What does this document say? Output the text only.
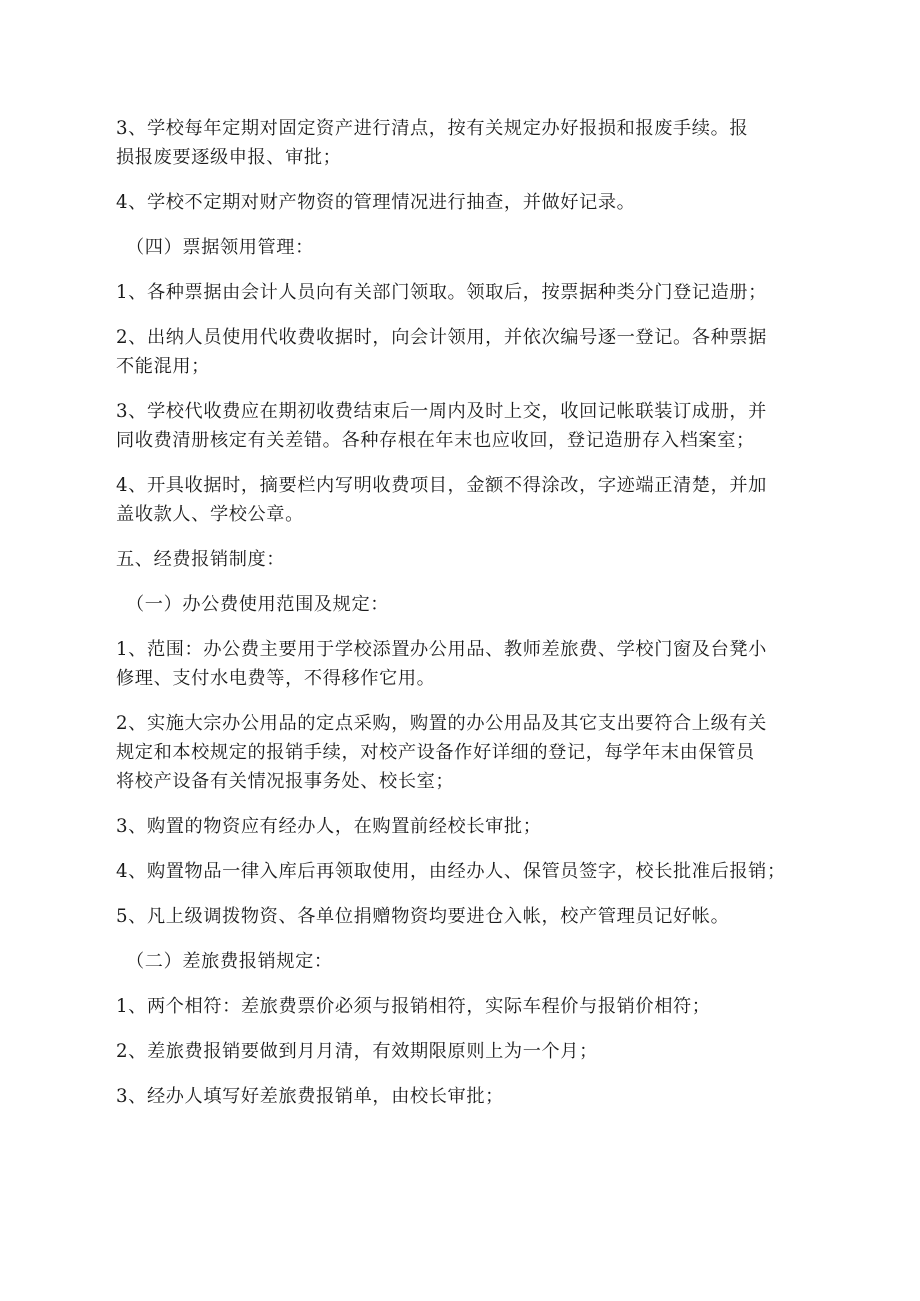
3、学校每年定期对固定资产进行清点，按有关规定办好报损和报废手续。报
损报废要逐级申报、审批；
4、学校不定期对财产物资的管理情况进行抽查，并做好记录。
（四）票据领用管理：
1、各种票据由会计人员向有关部门领取。领取后，按票据种类分门登记造册；
2、出纳人员使用代收费收据时，向会计领用，并依次编号逐一登记。各种票据
不能混用；
3、学校代收费应在期初收费结束后一周内及时上交，收回记帐联装订成册，并
同收费清册核定有关差错。各种存根在年末也应收回，登记造册存入档案室；
4、开具收据时，摘要栏内写明收费项目，金额不得涂改，字迹端正清楚，并加
盖收款人、学校公章。
五、经费报销制度：
（一）办公费使用范围及规定：
1、范围：办公费主要用于学校添置办公用品、教师差旅费、学校门窗及台凳小
修理、支付水电费等，不得移作它用。
2、实施大宗办公用品的定点采购，购置的办公用品及其它支出要符合上级有关
规定和本校规定的报销手续，对校产设备作好详细的登记，每学年末由保管员
将校产设备有关情况报事务处、校长室；
3、购置的物资应有经办人，在购置前经校长审批；
4、购置物品一律入库后再领取使用，由经办人、保管员签字，校长批准后报销；
5、凡上级调拨物资、各单位捐赠物资均要进仓入帐，校产管理员记好帐。
（二）差旅费报销规定：
1、两个相符：差旅费票价必须与报销相符，实际车程价与报销价相符；
2、差旅费报销要做到月月清，有效期限原则上为一个月；
3、经办人填写好差旅费报销单，由校长审批；
